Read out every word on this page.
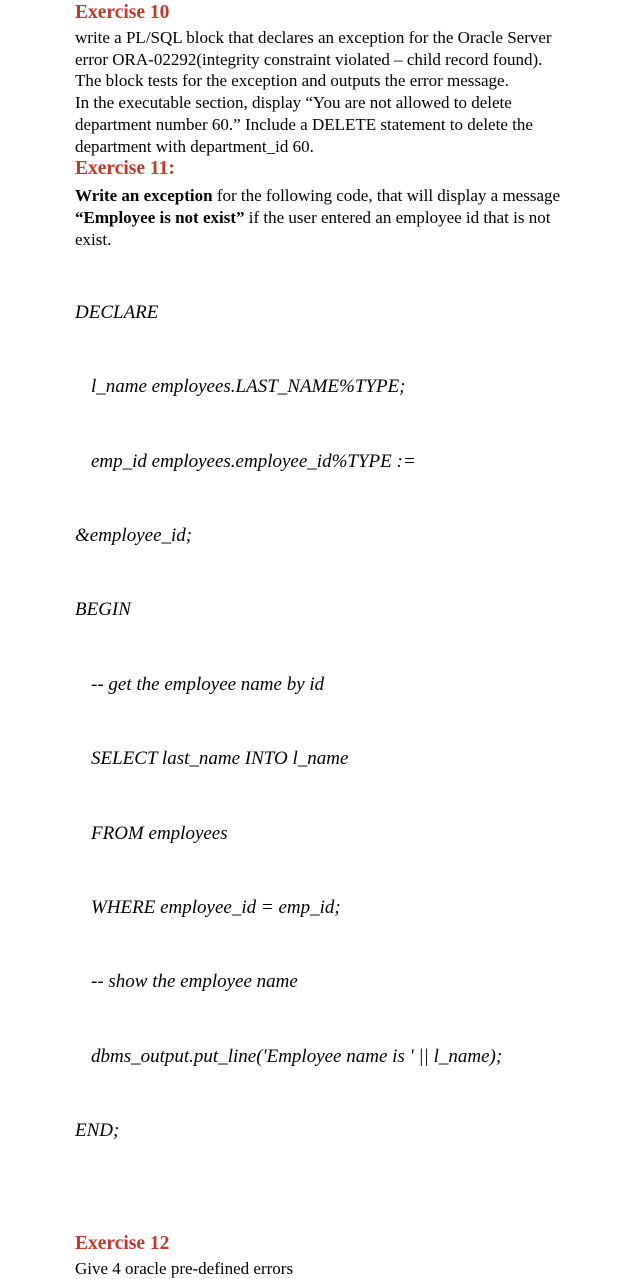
Exercise 10

write a PL/SQL block that declares an exception for the Oracle Server error ORA-02292(integrity constraint violated – child record found). The block tests for the exception and outputs the error message.

In the executable section, display “You are not allowed to delete department number 60.” Include a DELETE statement to delete the department with department_id 60.

Exercise 11:

Write an exception for the following code, that will display a message “Employee is not exist” if the user entered an employee id that is not exist.

DECLARE

l_name employees.LAST_NAME%TYPE;

emp_id employees.employee_id%TYPE :=

&employee_id;

BEGIN

-- get the employee name by id

SELECT last_name INTO l_name

FROM employees

WHERE employee_id = emp_id;

-- show the employee name

dbms_output.put_line('Employee name is ' || l_name);

END;

Exercise 12

Give 4 oracle pre-defined errors
